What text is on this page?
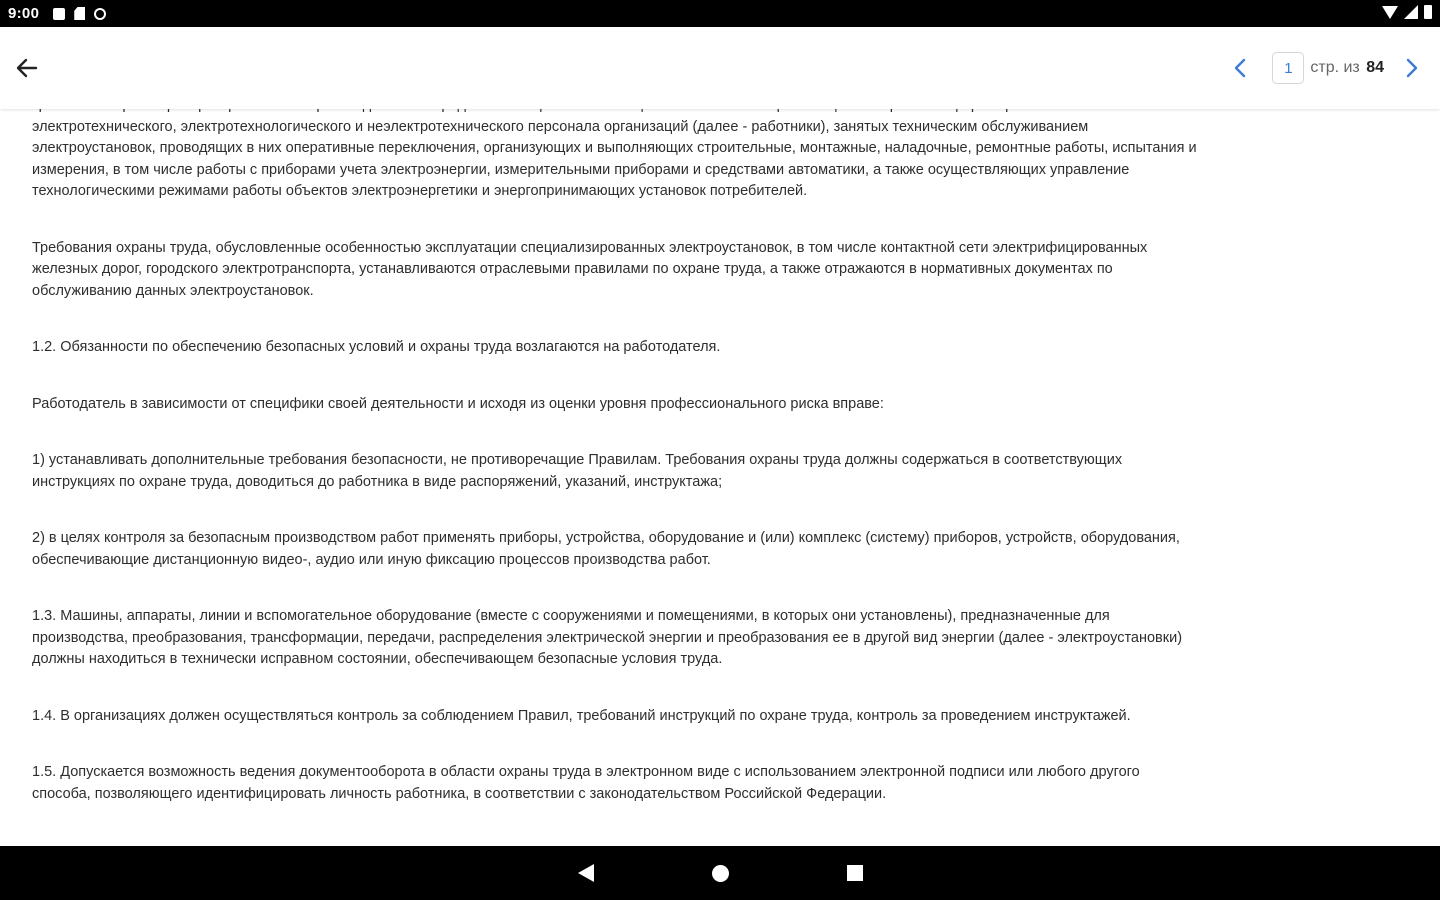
9:00
1
стр. из 84

электротехнического, электротехнологического и неэлектротехнического персонала организаций (далее - работники), занятых техническим обслуживанием
электроустановок, проводящих в них оперативные переключения, организующих и выполняющих строительные, монтажные, наладочные, ремонтные работы, испытания и
измерения, в том числе работы с приборами учета электроэнергии, измерительными приборами и средствами автоматики, а также осуществляющих управление
технологическими режимами работы объектов электроэнергетики и энергопринимающих установок потребителей.

Требования охраны труда, обусловленные особенностью эксплуатации специализированных электроустановок, в том числе контактной сети электрифицированных
железных дорог, городского электротранспорта, устанавливаются отраслевыми правилами по охране труда, а также отражаются в нормативных документах по
обслуживанию данных электроустановок.

1.2. Обязанности по обеспечению безопасных условий и охраны труда возлагаются на работодателя.

Работодатель в зависимости от специфики своей деятельности и исходя из оценки уровня профессионального риска вправе:

1) устанавливать дополнительные требования безопасности, не противоречащие Правилам. Требования охраны труда должны содержаться в соответствующих
инструкциях по охране труда, доводиться до работника в виде распоряжений, указаний, инструктажа;

2) в целях контроля за безопасным производством работ применять приборы, устройства, оборудование и (или) комплекс (систему) приборов, устройств, оборудования,
обеспечивающие дистанционную видео-, аудио или иную фиксацию процессов производства работ.

1.3. Машины, аппараты, линии и вспомогательное оборудование (вместе с сооружениями и помещениями, в которых они установлены), предназначенные для
производства, преобразования, трансформации, передачи, распределения электрической энергии и преобразования ее в другой вид энергии (далее - электроустановки)
должны находиться в технически исправном состоянии, обеспечивающем безопасные условия труда.

1.4. В организациях должен осуществляться контроль за соблюдением Правил, требований инструкций по охране труда, контроль за проведением инструктажей.

1.5. Допускается возможность ведения документооборота в области охраны труда в электронном виде с использованием электронной подписи или любого другого
способа, позволяющего идентифицировать личность работника, в соответствии с законодательством Российской Федерации.
